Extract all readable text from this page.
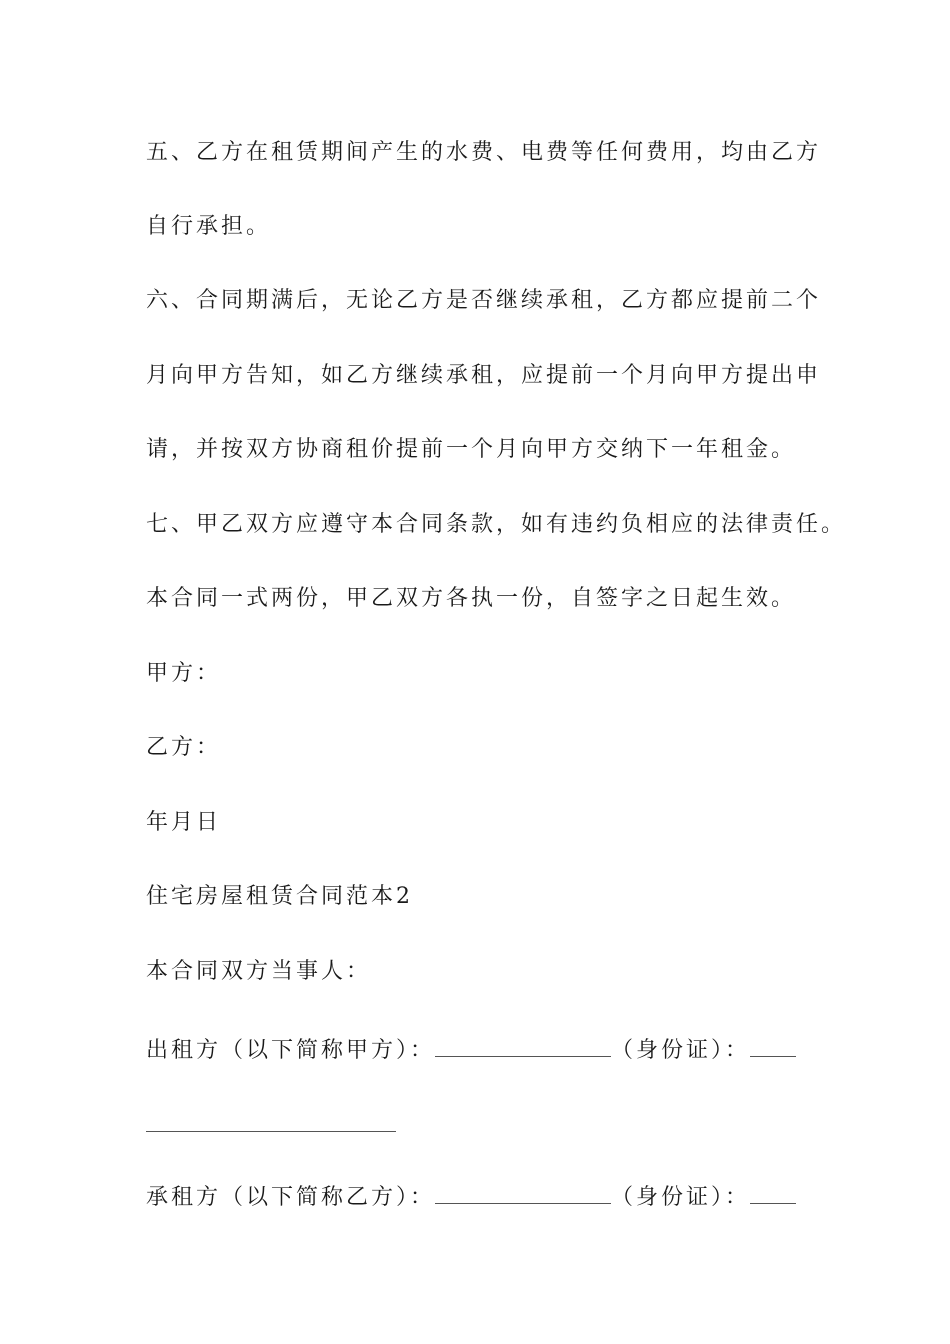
五、乙方在租赁期间产生的水费、电费等任何费用，均由乙方
自行承担。
六、合同期满后，无论乙方是否继续承租，乙方都应提前二个
月向甲方告知，如乙方继续承租，应提前一个月向甲方提出申
请，并按双方协商租价提前一个月向甲方交纳下一年租金。
七、甲乙双方应遵守本合同条款，如有违约负相应的法律责任。
本合同一式两份，甲乙双方各执一份，自签字之日起生效。
甲方：
乙方：
年月日
住宅房屋租赁合同范本2
本合同双方当事人：
出租方（以下简称甲方）：	（身份证）：
承租方（以下简称乙方）：	（身份证）：
